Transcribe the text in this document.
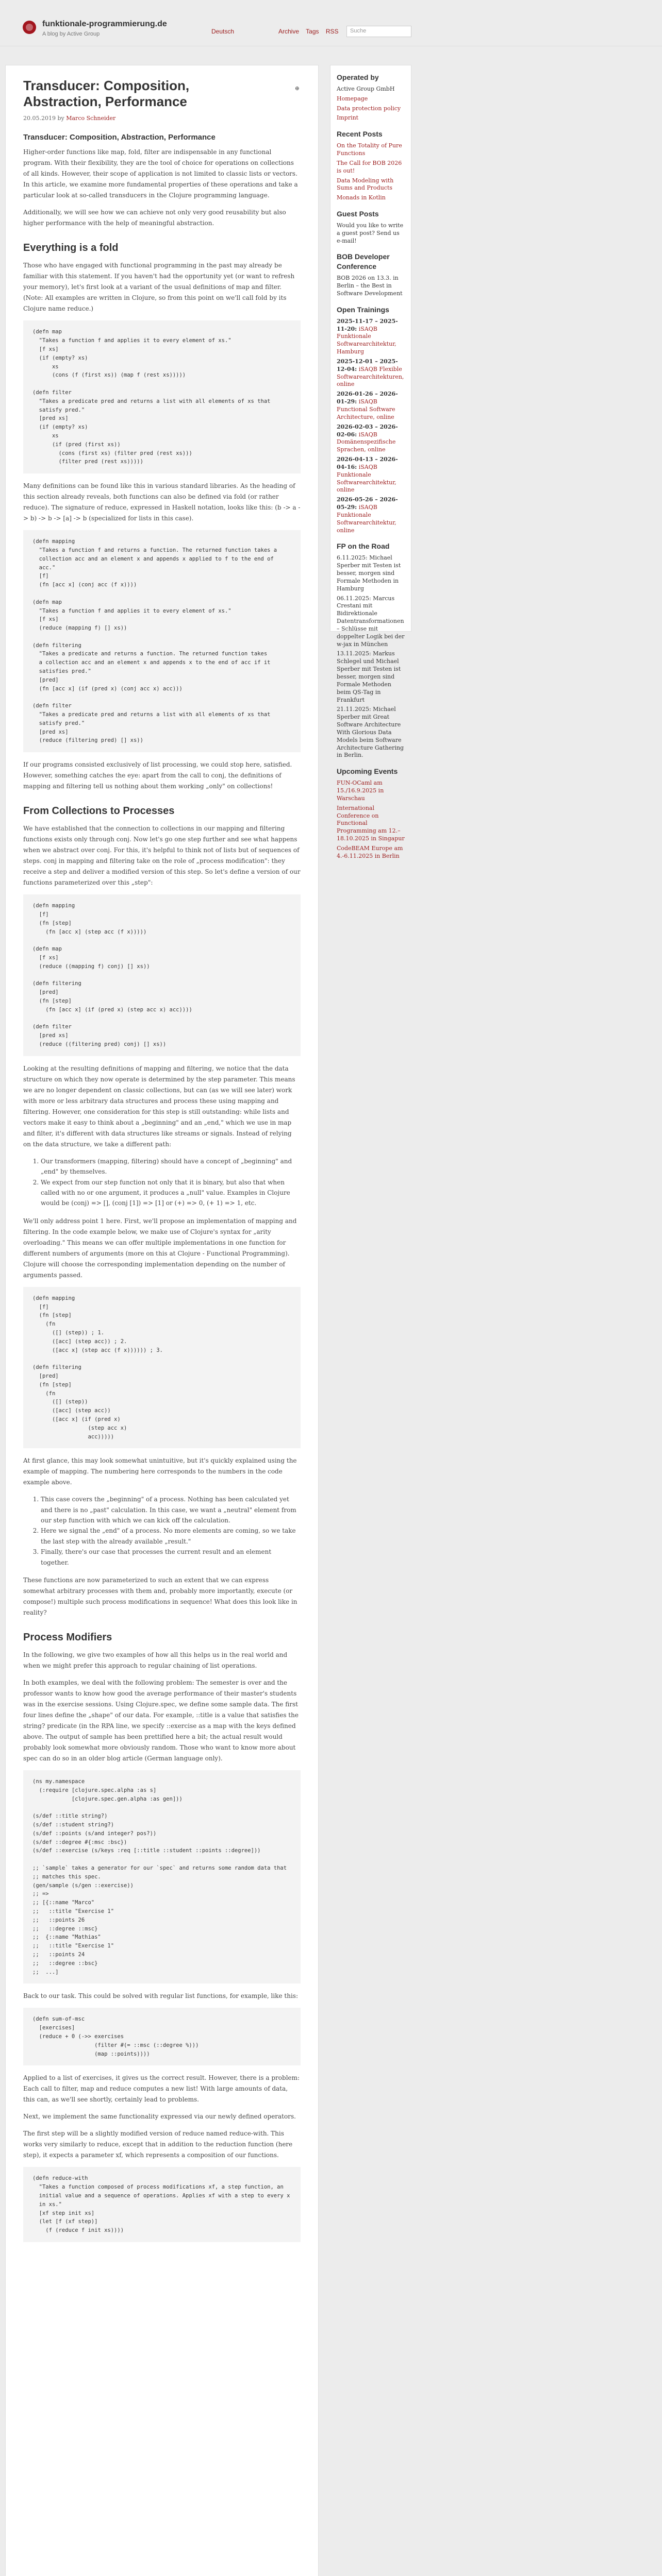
funktionale-programmierung.de
A blog by Active Group	Deutsch	Archive Tags RSS	Suche
⊕
Transducer: Composition, Abstraction, Performance
20.05.2019 by Marco Schneider
Transducer: Composition, Abstraction, Performance

Higher-order functions like map, fold, filter are indispensable in any functional program. With their flexibility, they are the tool of choice for operations on collections of all kinds. However, their scope of application is not limited to classic lists or vectors. In this article, we examine more fundamental properties of these operations and take a particular look at so-called transducers in the Clojure programming language.

Additionally, we will see how we can achieve not only very good reusability but also higher performance with the help of meaningful abstraction.

Everything is a fold

Those who have engaged with functional programming in the past may already be familiar with this statement. If you haven't had the opportunity yet (or want to refresh your memory), let's first look at a variant of the usual definitions of map and filter. (Note: All examples are written in Clojure, so from this point on we'll call fold by its Clojure name reduce.)

(defn map
"Takes a function f and applies it to every element of xs."
[f xs]
(if (empty? xs)
xs
(cons (f (first xs)) (map f (rest xs)))))

(defn filter
"Takes a predicate pred and returns a list with all elements of xs that
satisfy pred."
[pred xs]
(if (empty? xs)
xs
(if (pred (first xs))
(cons (first xs) (filter pred (rest xs)))
(filter pred (rest xs)))))

Many definitions can be found like this in various standard libraries. As the heading of this section already reveals, both functions can also be defined via fold (or rather reduce). The signature of reduce, expressed in Haskell notation, looks like this: (b -> a -> b) -> b -> [a] -> b (specialized for lists in this case).

(defn mapping
"Takes a function f and returns a function. The returned function takes a
collection acc and an element x and appends x applied to f to the end of
acc."
[f]
(fn [acc x] (conj acc (f x))))

(defn map
"Takes a function f and applies it to every element of xs."
[f xs]
(reduce (mapping f) [] xs))

(defn filtering
"Takes a predicate and returns a function. The returned function takes
a collection acc and an element x and appends x to the end of acc if it
satisfies pred."
[pred]
(fn [acc x] (if (pred x) (conj acc x) acc)))

(defn filter
"Takes a predicate pred and returns a list with all elements of xs that
satisfy pred."
[pred xs]
(reduce (filtering pred) [] xs))

If our programs consisted exclusively of list processing, we could stop here, satisfied. However, something catches the eye: apart from the call to conj, the definitions of mapping and filtering tell us nothing about them working „only" on collections!

From Collections to Processes

We have established that the connection to collections in our mapping and filtering functions exists only through conj. Now let's go one step further and see what happens when we abstract over conj. For this, it's helpful to think not of lists but of sequences of steps. conj in mapping and filtering take on the role of „process modification": they receive a step and deliver a modified version of this step. So let's define a version of our functions parameterized over this „step":

(defn mapping
[f]
(fn [step]
(fn [acc x] (step acc (f x)))))

(defn map
[f xs]
(reduce ((mapping f) conj) [] xs))

(defn filtering
[pred]
(fn [step]
(fn [acc x] (if (pred x) (step acc x) acc))))

(defn filter
[pred xs]
(reduce ((filtering pred) conj) [] xs))

Looking at the resulting definitions of mapping and filtering, we notice that the data structure on which they now operate is determined by the step parameter. This means we are no longer dependent on classic collections, but can (as we will see later) work with more or less arbitrary data structures and process these using mapping and filtering. However, one consideration for this step is still outstanding: while lists and vectors make it easy to think about a „beginning" and an „end," which we use in map and filter, it's different with data structures like streams or signals. Instead of relying on the data structure, we take a different path:

1. Our transformers (mapping, filtering) should have a concept of „beginning" and „end" by themselves.
2. We expect from our step function not only that it is binary, but also that when called with no or one argument, it produces a „null" value. Examples in Clojure would be (conj) => [], (conj [1]) => [1] or (+) => 0, (+ 1) => 1, etc.

We'll only address point 1 here. First, we'll propose an implementation of mapping and filtering. In the code example below, we make use of Clojure's syntax for „arity overloading." This means we can offer multiple implementations in one function for different numbers of arguments (more on this at Clojure - Functional Programming). Clojure will choose the corresponding implementation depending on the number of arguments passed.

(defn mapping
[f]
(fn [step]
(fn
([] (step)) ; 1.
([acc] (step acc)) ; 2.
([acc x] (step acc (f x)))))) ; 3.

(defn filtering
[pred]
(fn [step]
(fn
([] (step))
([acc] (step acc))
([acc x] (if (pred x)
(step acc x)
acc)))))

At first glance, this may look somewhat unintuitive, but it's quickly explained using the example of mapping. The numbering here corresponds to the numbers in the code example above.

1. This case covers the „beginning" of a process. Nothing has been calculated yet and there is no „past" calculation. In this case, we want a „neutral" element from our step function with which we can kick off the calculation.
2. Here we signal the „end" of a process. No more elements are coming, so we take the last step with the already available „result."
3. Finally, there's our case that processes the current result and an element together.

These functions are now parameterized to such an extent that we can express somewhat arbitrary processes with them and, probably more importantly, execute (or compose!) multiple such process modifications in sequence! What does this look like in reality?

Process Modifiers

In the following, we give two examples of how all this helps us in the real world and when we might prefer this approach to regular chaining of list operations.

In both examples, we deal with the following problem: The semester is over and the professor wants to know how good the average performance of their master's students was in the exercise sessions. Using Clojure.spec, we define some sample data. The first four lines define the „shape" of our data. For example, ::title is a value that satisfies the string? predicate (in the RPA line, we specify ::exercise as a map with the keys defined above. The output of sample has been prettified here a bit; the actual result would probably look somewhat more obviously random. Those who want to know more about spec can do so in an older blog article (German language only).

(ns my.namespace
(:require [clojure.spec.alpha :as s]
[clojure.spec.gen.alpha :as gen]))

(s/def ::title string?)
(s/def ::student string?)
(s/def ::points (s/and integer? pos?))
(s/def ::degree #{:msc :bsc})
(s/def ::exercise (s/keys :req [::title ::student ::points ::degree]))

;; `sample` takes a generator for our `spec` and returns some random data that
;; matches this spec.
(gen/sample (s/gen ::exercise))
;; =>
;; [{::name "Marco"
;;   ::title "Exercise 1"
;;   ::points 26
;;   ::degree ::msc}
;;  {::name "Mathias"
;;   ::title "Exercise 1"
;;   ::points 24
;;   ::degree ::bsc}
;;  ...]

Back to our task. This could be solved with regular list functions, for example, like this:

(defn sum-of-msc
[exercises]
(reduce + 0 (->> exercises
(filter #(= ::msc (::degree %)))
(map ::points))))

Applied to a list of exercises, it gives us the correct result. However, there is a problem: Each call to filter, map and reduce computes a new list! With large amounts of data, this can, as we'll see shortly, certainly lead to problems.

Next, we implement the same functionality expressed via our newly defined operators.

The first step will be a slightly modified version of reduce named reduce-with. This works very similarly to reduce, except that in addition to the reduction function (here step), it expects a parameter xf, which represents a composition of our functions.

(defn reduce-with
"Takes a function composed of process modifications xf, a step function, an
initial value and a sequence of operations. Applies xf with a step to every x
in xs."
[xf step init xs]
(let [f (xf step)]
(f (reduce f init xs))))
Operated by
Active Group GmbH
Homepage
Data protection policy
Imprint
Recent Posts
On the Totality of Pure Functions
The Call for BOB 2026 is out!
Data Modeling with Sums and Products
Monads in Kotlin
Guest Posts
Would you like to write a guest post? Send us e-mail!
BOB Developer Conference
BOB 2026 on 13.3. in Berlin – the Best in Software Development
Open Trainings
2025-11-17 – 2025-11-20: iSAQB Funktionale Softwarearchitektur, Hamburg
2025-12-01 – 2025-12-04: iSAQB Flexible Softwarearchitekturen, online
2026-01-26 – 2026-01-29: iSAQB Functional Software Architecture, online
2026-02-03 – 2026-02-06: iSAQB Domänenspezifische Sprachen, online
2026-04-13 – 2026-04-16: iSAQB Funktionale Softwarearchitektur, online
2026-05-26 – 2026-05-29: iSAQB Funktionale Softwarearchitektur, online
FP on the Road
6.11.2025: Michael Sperber mit Testen ist besser, morgen sind Formale Methoden in Hamburg
06.11.2025: Marcus Crestani mit Bidirektionale Datentransformationen – Schlüsse mit doppelter Logik bei der w-jax in München
13.11.2025: Markus Schlegel und Michael Sperber mit Testen ist besser, morgen sind Formale Methoden beim QS-Tag in Frankfurt
21.11.2025: Michael Sperber mit Great Software Architecture With Glorious Data Models beim Software Architecture Gathering in Berlin.
Upcoming Events
FUN-OCaml am 15./16.9.2025 in Warschau
International Conference on Functional Programming am 12.–18.10.2025 in Singapur
CodeBEAM Europe am 4.-6.11.2025 in Berlin
